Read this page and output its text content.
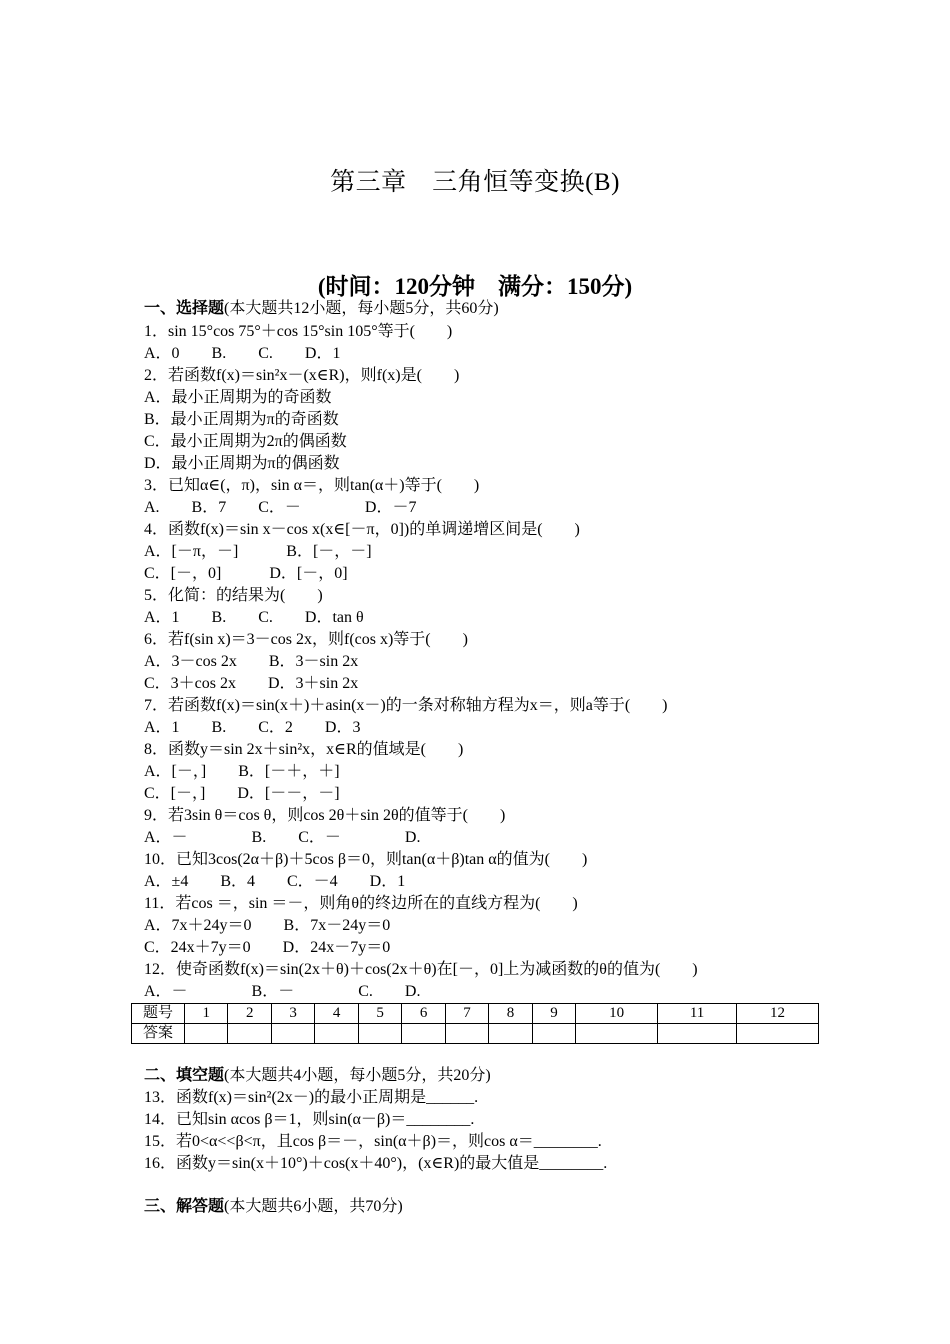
第三章　三角恒等变换(B)
(时间：120分钟　满分：150分)
一、选择题(本大题共12小题，每小题5分，共60分)
1．sin 15°cos 75°＋cos 15°sin 105°等于(　　)
A．0　　B.　　C.　　D．1
2．若函数f(x)＝sin²x－(x∈R)，则f(x)是(　　)
A．最小正周期为的奇函数
B．最小正周期为π的奇函数
C．最小正周期为2π的偶函数
D．最小正周期为π的偶函数
3．已知α∈(，π)，sin α＝，则tan(α＋)等于(　　)
A.　　B．7　　C．－　　　　D．－7
4．函数f(x)＝sin x－cos x(x∈[－π，0])的单调递增区间是(　　)
A．[－π，－]　　　B．[－，－]
C．[－，0]　　　D．[－，0]
5．化简：的结果为(　　)
A．1　　B.　　C.　　D．tan θ
6．若f(sin x)＝3－cos 2x，则f(cos x)等于(　　)
A．3－cos 2x　　B．3－sin 2x
C．3＋cos 2x　　D．3＋sin 2x
7．若函数f(x)＝sin(x＋)＋asin(x－)的一条对称轴方程为x＝，则a等于(　　)
A．1　　B.　　C．2　　D．3
8．函数y＝sin 2x＋sin²x，x∈R的值域是(　　)
A．[－，]　　B．[－＋，＋]
C．[－，]　　D．[－－，－]
9．若3sin θ＝cos θ，则cos 2θ＋sin 2θ的值等于(　　)
A．－　　　　B.　　C．－　　　　D.
10．已知3cos(2α＋β)＋5cos β＝0，则tan(α＋β)tan α的值为(　　)
A．±4　　B．4　　C．－4　　D．1
11．若cos ＝，sin ＝－，则角θ的终边所在的直线方程为(　　)
A．7x＋24y＝0　　B．7x－24y＝0
C．24x＋7y＝0　　D．24x－7y＝0
12．使奇函数f(x)＝sin(2x＋θ)＋cos(2x＋θ)在[－，0]上为减函数的θ的值为(　　)
A．－　　　　B．－　　　　C.　　D.
题号	1	2	3	4	5	6	7	8	9	10	11	12
答案												
二、填空题(本大题共4小题，每小题5分，共20分)
13．函数f(x)＝sin²(2x－)的最小正周期是______.
14．已知sin αcos β＝1，则sin(α－β)＝________.
15．若0<α<<β<π，且cos β＝－，sin(α＋β)＝，则cos α＝________.
16．函数y＝sin(x＋10°)＋cos(x＋40°)，(x∈R)的最大值是________.
三、解答题(本大题共6小题，共70分)
